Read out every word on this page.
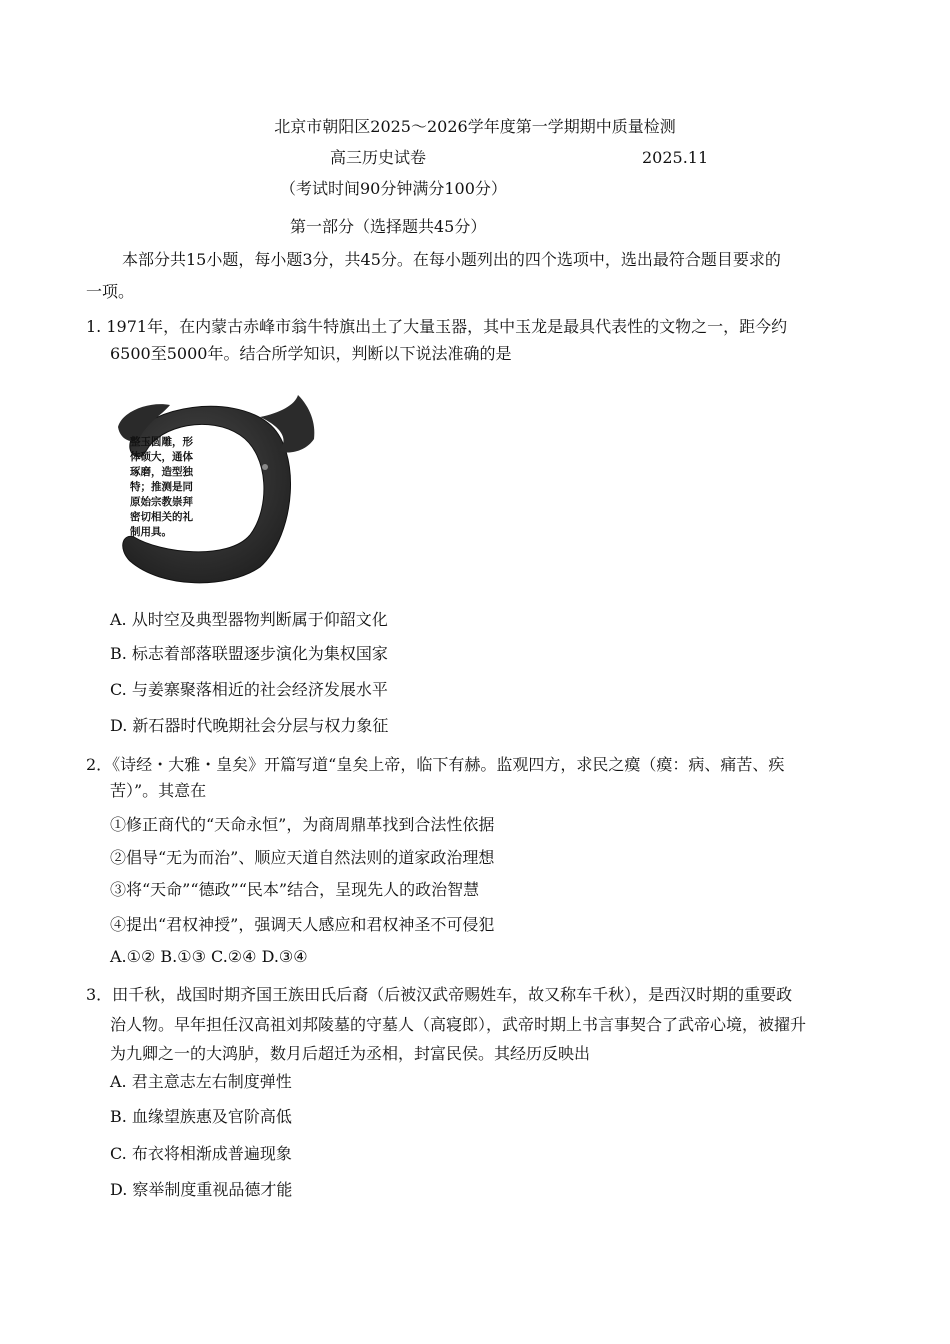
北京市朝阳区2025～2026学年度第一学期期中质量检测
高三历史试卷	2025.11
（考试时间90分钟满分100分）
第一部分（选择题共45分）
本部分共15小题，每小题3分，共45分。在每小题列出的四个选项中，选出最符合题目要求的
一项。
1. 1971年，在内蒙古赤峰市翁牛特旗出土了大量玉器，其中玉龙是最具代表性的文物之一，距今约
6500至5000年。结合所学知识，判断以下说法准确的是
整玉圆雕，形
体硕大，通体
琢磨，造型独
特；推测是同
原始宗教崇拜
密切相关的礼
制用具。
A. 从时空及典型器物判断属于仰韶文化
B. 标志着部落联盟逐步演化为集权国家
C. 与姜寨聚落相近的社会经济发展水平
D. 新石器时代晚期社会分层与权力象征
2．《诗经・大雅・皇矣》开篇写道“皇矣上帝，临下有赫。监观四方，求民之瘼（瘼：病、痛苦、疾
苦）”。其意在
①修正商代的“天命永恒”，为商周鼎革找到合法性依据
②倡导“无为而治”、顺应天道自然法则的道家政治理想
③将“天命”“德政”“民本”结合，呈现先人的政治智慧
④提出“君权神授”，强调天人感应和君权神圣不可侵犯
A.①② B.①③ C.②④ D.③④
3．田千秋，战国时期齐国王族田氏后裔（后被汉武帝赐姓车，故又称车千秋），是西汉时期的重要政
治人物。早年担任汉高祖刘邦陵墓的守墓人（高寝郎），武帝时期上书言事契合了武帝心境，被擢升
为九卿之一的大鸿胪，数月后超迁为丞相，封富民侯。其经历反映出
A. 君主意志左右制度弹性
B. 血缘望族惠及官阶高低
C. 布衣将相渐成普遍现象
D. 察举制度重视品德才能
